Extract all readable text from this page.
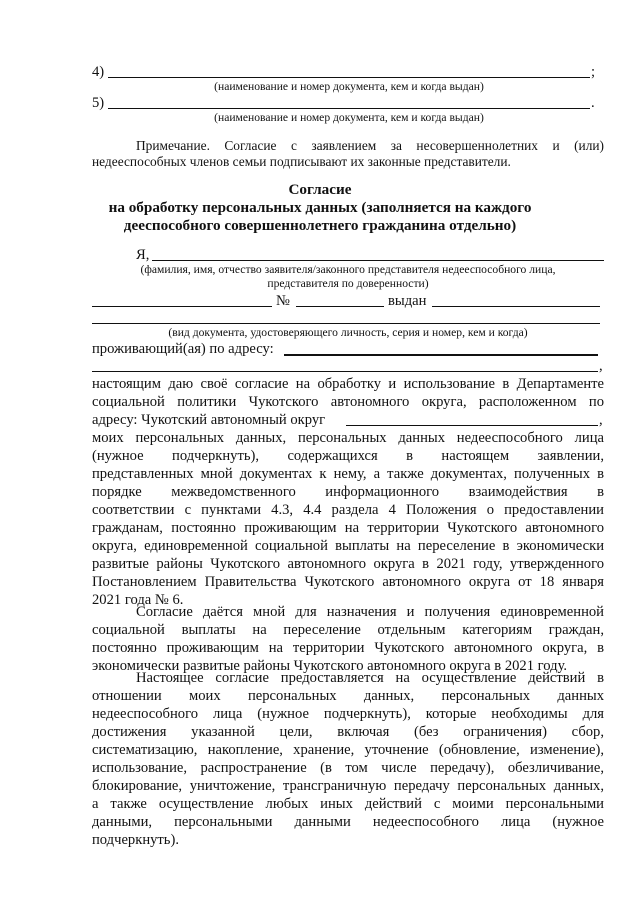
4)	;
(наименование и номер документа, кем и когда выдан)
5)	.
(наименование и номер документа, кем и когда выдан)
Примечание. Согласие с заявлением за несовершеннолетних и (или)
недееспособных членов семьи подписывают их законные представители.
Согласие
на обработку персональных данных (заполняется на каждого
дееспособного совершеннолетнего гражданина отдельно)
Я,
(фамилия, имя, отчество заявителя/законного представителя недееспособного лица,
представителя по доверенности)
№	выдан
(вид документа, удостоверяющего личность, серия и номер, кем и когда)
проживающий(ая) по адресу:
,
настоящим даю своё согласие на обработку и использование в Департаменте
социальной политики Чукотского автономного округа, расположенном по
адресу: Чукотский автономный округ	,
моих персональных данных, персональных данных недееспособного лица
(нужное подчеркнуть), содержащихся в настоящем заявлении,
представленных мной документах к нему, а также документах, полученных в
порядке межведомственного информационного взаимодействия в
соответствии с пунктами 4.3, 4.4 раздела 4 Положения о предоставлении
гражданам, постоянно проживающим на территории Чукотского автономного
округа, единовременной социальной выплаты на переселение в экономически
развитые районы Чукотского автономного округа в 2021 году, утвержденного
Постановлением Правительства Чукотского автономного округа от 18 января
2021 года № 6.
Согласие даётся мной для назначения и получения единовременной
социальной выплаты на переселение отдельным категориям граждан,
постоянно проживающим на территории Чукотского автономного округа, в
экономически развитые районы Чукотского автономного округа в 2021 году.
Настоящее согласие предоставляется на осуществление действий в
отношении моих персональных данных, персональных данных
недееспособного лица (нужное подчеркнуть), которые необходимы для
достижения указанной цели, включая (без ограничения) сбор,
систематизацию, накопление, хранение, уточнение (обновление, изменение),
использование, распространение (в том числе передачу), обезличивание,
блокирование, уничтожение, трансграничную передачу персональных данных,
а также осуществление любых иных действий с моими персональными
данными, персональными данными недееспособного лица (нужное
подчеркнуть).
